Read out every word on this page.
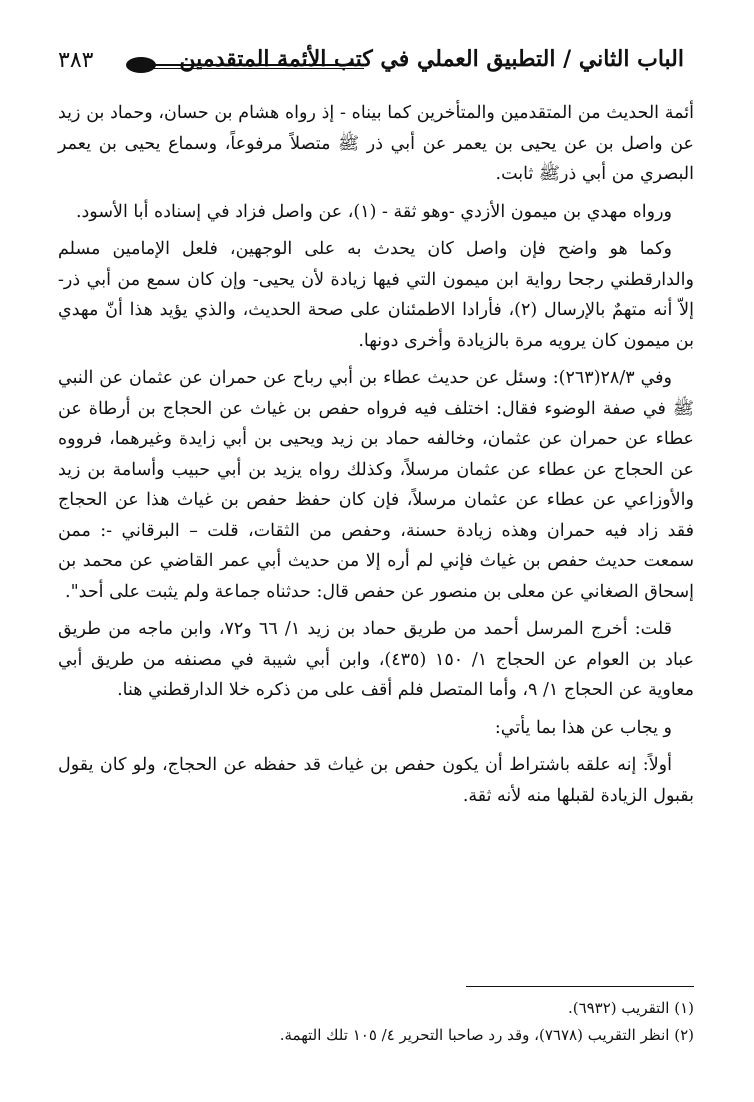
الباب الثاني / التطبيق العملي في كتب الأئمة المتقدمين
٣٨٣

أئمة الحديث من المتقدمين والمتأخرين كما بيناه - إذ رواه هشام بن حسان، وحماد بن زيد عن واصل بن عن يحيى بن يعمر عن أبي ذر ﷺ متصلاً مرفوعاً، وسماع يحيى بن يعمر البصري من أبي ذرﷺ ثابت.

ورواه مهدي بن ميمون الأزدي -وهو ثقة - (١)، عن واصل فزاد في إسناده أبا الأسود.

وكما هو واضح فإن واصل كان يحدث به على الوجهين، فلعل الإمامين مسلم والدارقطني رجحا رواية ابن ميمون التي فيها زيادة لأن يحيى- وإن كان سمع من أبي ذر- إلاّ أنه متهمٌ بالإرسال (٢)، فأرادا الاطمئنان على صحة الحديث، والذي يؤيد هذا أنّ مهدي بن ميمون كان يرويه مرة بالزيادة وأخرى دونها.

وفي ٢٨/٣(٢٦٣): وسئل عن حديث عطاء بن أبي رباح عن حمران عن عثمان عن النبي ﷺ في صفة الوضوء فقال: اختلف فيه فرواه حفص بن غياث عن الحجاج بن أرطاة عن عطاء عن حمران عن عثمان، وخالفه حماد بن زيد ويحيى بن أبي زايدة وغيرهما، فرووه عن الحجاج عن عطاء عن عثمان مرسلاً، وكذلك رواه يزيد بن أبي حبيب وأسامة بن زيد والأوزاعي عن عطاء عن عثمان مرسلاً، فإن كان حفظ حفص بن غياث هذا عن الحجاج فقد زاد فيه حمران وهذه زيادة حسنة، وحفص من الثقات، قلت – البرقاني -: ممن سمعت حديث حفص بن غياث فإني لم أره إلا من حديث أبي عمر القاضي عن محمد بن إسحاق الصغاني عن معلى بن منصور عن حفص قال: حدثناه جماعة ولم يثبت على أحد".

قلت: أخرج المرسل أحمد من طريق حماد بن زيد ١/ ٦٦ و٧٢، وابن ماجه من طريق عباد بن العوام عن الحجاج ١/ ١٥٠ (٤٣٥)، وابن أبي شيبة في مصنفه من طريق أبي معاوية عن الحجاج ١/ ٩، وأما المتصل فلم أقف على من ذكره خلا الدارقطني هنا.

و يجاب عن هذا بما يأتي:

أولاً: إنه علقه باشتراط أن يكون حفص بن غياث قد حفظه عن الحجاج، ولو كان يقول بقبول الزيادة لقبلها منه لأنه ثقة.

(١) التقريب (٦٩٣٢).

(٢) انظر التقريب (٧٦٧٨)، وقد رد صاحبا التحرير ٤/ ١٠٥ تلك التهمة.
